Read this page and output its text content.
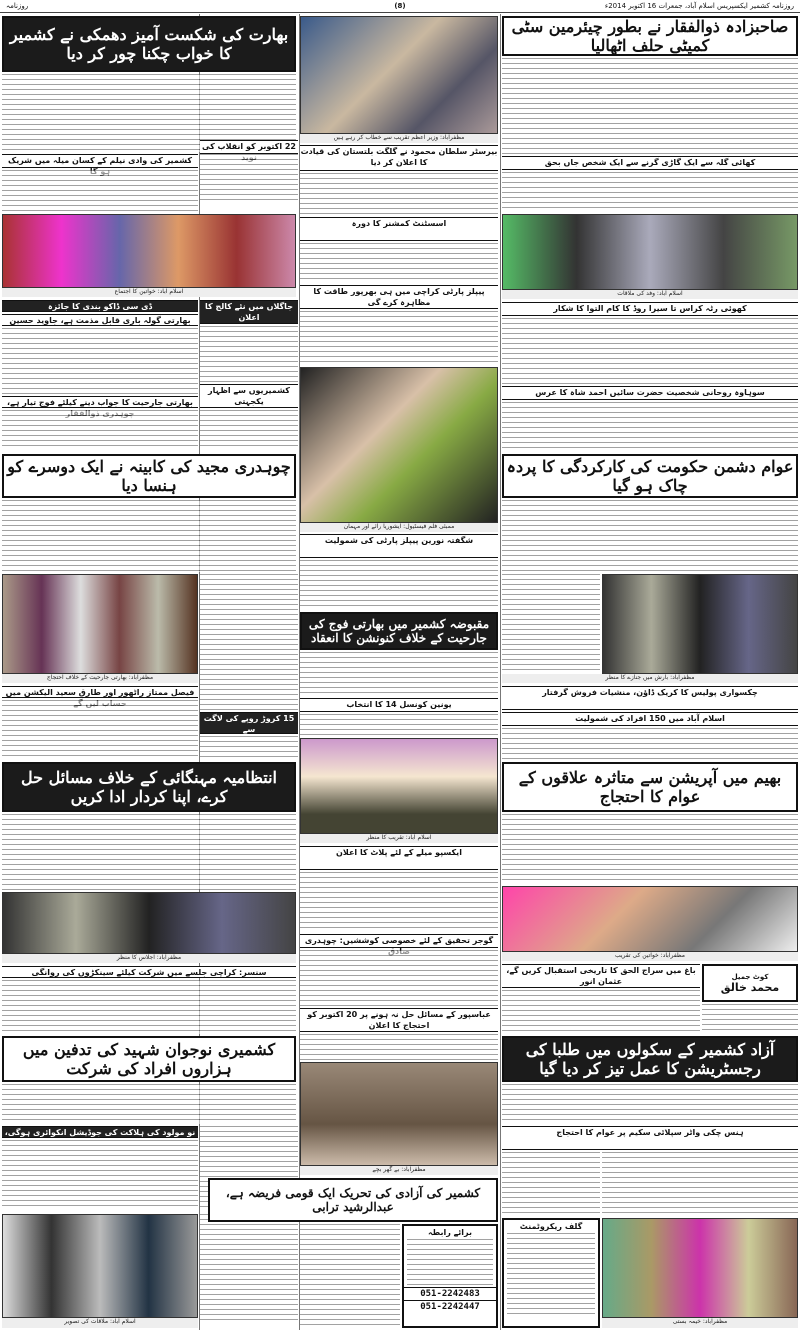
روزنامہ	(8)	روزنامہ کشمیر ایکسپریس اسلام آباد، جمعرات 16 اکتوبر 2014ء
بھارت کی شکست آمیز دھمکی نے کشمیر کا خواب چکنا چور کر دیا
کشمیر کی وادی نیلم کے کسان میلہ میں شریک
اسلام آباد: خواتین کا اجتماع
ڈی سی ڈاکو بندی کا جائزہ
بھارتی گولہ باری قابل مذمت ہے، جاوید حسین
بھارتی جارحیت کا جواب دینے کیلئے فوج تیار ہے،
چوہدری مجید کی کابینہ نے ایک دوسرے کو ہنسا دیا
مظفرآباد: بھارتی جارحیت کے خلاف احتجاج
فیصل ممتاز راٹھور اور طارق سعید الیکشن میں
انتظامیہ مہنگائی کے خلاف مسائل حل کرے، اپنا کردار ادا کریں
مظفرآباد: اجلاس کا منظر
سنسر: کراچی جلسے میں شرکت کیلئے سینکڑوں کی روانگی
کشمیری نوجوان شہید کی تدفین میں ہزاروں افراد کی شرکت
نو مولود کی ہلاکت کی جوڈیشل انکوائری ہوگی،
اسلام آباد: ملاقات کی تصویر
22 اکتوبر کو انقلاب کی
جاگلاں میں نئے کالج کا اعلان
کشمیریوں سے اظہار یکجہتی
15 کروڑ روپے کی لاگت سے
مظفرآباد: وزیر اعظم تقریب سے خطاب کر رہے ہیں
بیرسٹر سلطان محمود نے گلگت بلتستان کی قیادت کا اعلان کر دیا
اسسٹنٹ کمشنر کا دورہ
پیپلز پارٹی کراچی میں ہی بھرپور طاقت کا مظاہرہ کرے گی
ممبئی فلم فیسٹیول: ایشوریا رائے اور مہمان
شگفتہ نورین پیپلز پارٹی کی شمولیت
مقبوضہ کشمیر میں بھارتی فوج کی جارحیت کے خلاف کنونشن کا انعقاد
یونین کونسل 14 کا انتخاب
اسلام آباد: تقریب کا منظر
ایکسپو میلے کے لئے پلاٹ کا اعلان
گوجر تحقیق کے لئے خصوصی کوششیں: چوہدری
عباسپور کے مسائل حل نہ ہونے پر 20 اکتوبر کو احتجاج کا اعلان
مظفرآباد: بے گھر بچے
کشمیر کی آزادی کی تحریک ایک قومی فریضہ ہے، عبدالرشید ترابی
برائے رابطہ
051-2242483
051-2242447
صاحبزادہ ذوالفقار نے بطور چیئرمین سٹی کمیٹی حلف اٹھالیا
کھائی گلہ سے ایک گاڑی گرنے سے ایک شخص جاں بحق
اسلام آباد: وفد کی ملاقات
کھوئی رٹہ کراس تا سیرا روڈ کا کام التوا کا شکار
سوہاوہ روحانی شخصیت حضرت سائیں احمد شاہ کا عرس
عوام دشمن حکومت کی کارکردگی کا پردہ چاک ہو گیا
مظفرآباد: بارش میں جنازے کا منظر
چکسواری پولیس کا کریک ڈاؤن، منشیات فروش گرفتار
اسلام آباد میں 150 افراد کی شمولیت
بھیم میں آپریشن سے متاثرہ علاقوں کے عوام کا احتجاج
مظفرآباد: خواتین کی تقریب
کوٹ جمیل
محمد خالق
باغ میں سراج الحق کا تاریخی استقبال کریں گے، عثمان انور
آزاد کشمیر کے سکولوں میں طلبا کی رجسٹریشن کا عمل تیز کر دیا گیا
ہنس چکی واٹر سپلائی سکیم پر عوام کا احتجاج
گلف ریکروٹمنٹ
مظفرآباد: خیمہ بستی
